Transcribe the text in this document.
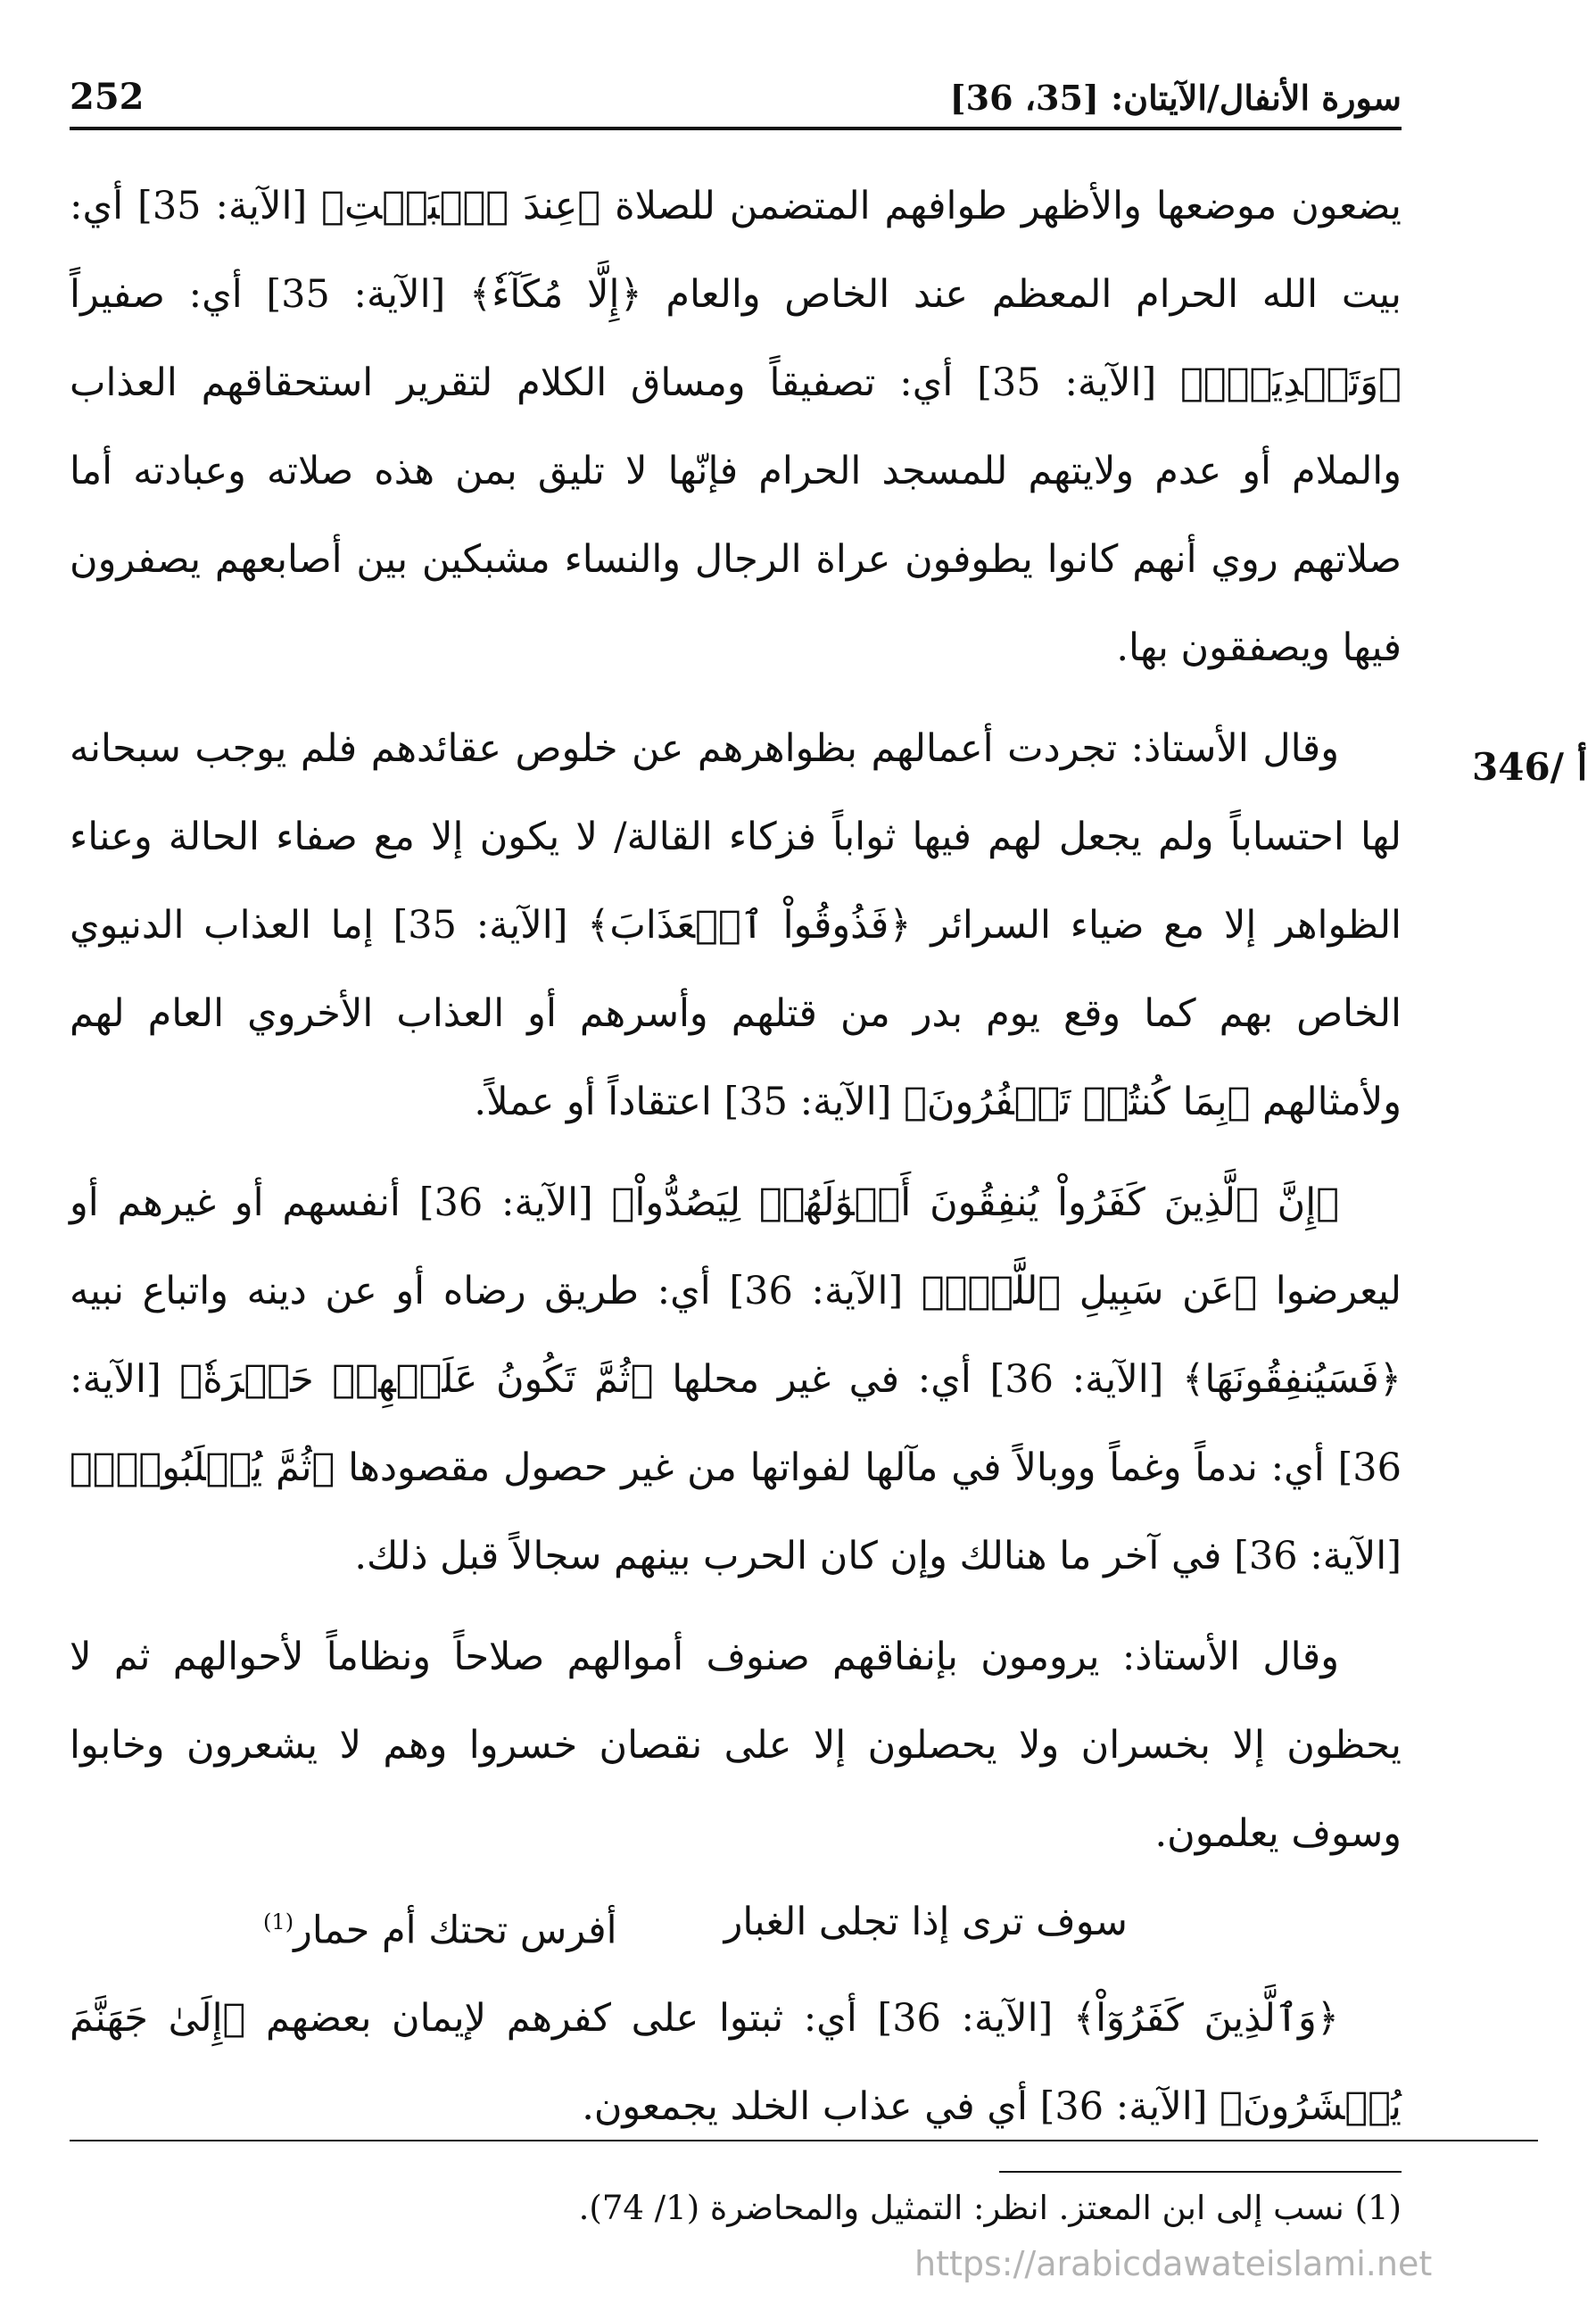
سورة الأنفال/الآيتان: [35، 36]
252
346/ أ

يضعون موضعها والأظهر طوافهم المتضمن للصلاة ﴿عِندَ ٱلۡبَيۡتِ﴾ [الآية: 35] أي: بيت الله الحرام المعظم عند الخاص والعام ﴿إِلَّا مُكَآءٗ﴾ [الآية: 35] أي: صفيراً ﴿وَتَصۡدِيَةٗۚ﴾ [الآية: 35] أي: تصفيقاً ومساق الكلام لتقرير استحقاقهم العذاب والملام أو عدم ولايتهم للمسجد الحرام فإنّها لا تليق بمن هذه صلاته وعبادته أما صلاتهم روي أنهم كانوا يطوفون عراة الرجال والنساء مشبكين بين أصابعهم يصفرون فيها ويصفقون بها.

وقال الأستاذ: تجردت أعمالهم بظواهرهم عن خلوص عقائدهم فلم يوجب سبحانه لها احتساباً ولم يجعل لهم فيها ثواباً فزكاء القالة/ لا يكون إلا مع صفاء الحالة وعناء الظواهر إلا مع ضياء السرائر ﴿فَذُوقُواْ ٱلۡعَذَابَ﴾ [الآية: 35] إما العذاب الدنيوي الخاص بهم كما وقع يوم بدر من قتلهم وأسرهم أو العذاب الأخروي العام لهم ولأمثالهم ﴿بِمَا كُنتُمۡ تَكۡفُرُونَ﴾ [الآية: 35] اعتقاداً أو عملاً.

﴿إِنَّ ٱلَّذِينَ كَفَرُواْ يُنفِقُونَ أَمۡوَٰلَهُمۡ لِيَصُدُّواْ﴾ [الآية: 36] أنفسهم أو غيرهم أو ليعرضوا ﴿عَن سَبِيلِ ٱللَّهِۚ﴾ [الآية: 36] أي: طريق رضاه أو عن دينه واتباع نبيه ﴿فَسَيُنفِقُونَهَا﴾ [الآية: 36] أي: في غير محلها ﴿ثُمَّ تَكُونُ عَلَيۡهِمۡ حَسۡرَةٗ﴾ [الآية: 36] أي: ندماً وغماً ووبالاً في مآلها لفواتها من غير حصول مقصودها ﴿ثُمَّ يُغۡلَبُونَۗ﴾ [الآية: 36] في آخر ما هنالك وإن كان الحرب بينهم سجالاً قبل ذلك.

وقال الأستاذ: يرومون بإنفاقهم صنوف أموالهم صلاحاً ونظاماً لأحوالهم ثم لا يحظون إلا بخسران ولا يحصلون إلا على نقصان خسروا وهم لا يشعرون وخابوا وسوف يعلمون.

سوف ترى إذا تجلى الغبار
أفرس تحتك أم حمار$^{(1)}$

﴿وَٱلَّذِينَ كَفَرُوٓاْ﴾ [الآية: 36] أي: ثبتوا على كفرهم لإيمان بعضهم ﴿إِلَىٰ جَهَنَّمَ يُحۡشَرُونَ﴾ [الآية: 36] أي في عذاب الخلد يجمعون.

(1) نسب إلى ابن المعتز. انظر: التمثيل والمحاضرة (1/ 74).
https://arabicdawateislami.net
